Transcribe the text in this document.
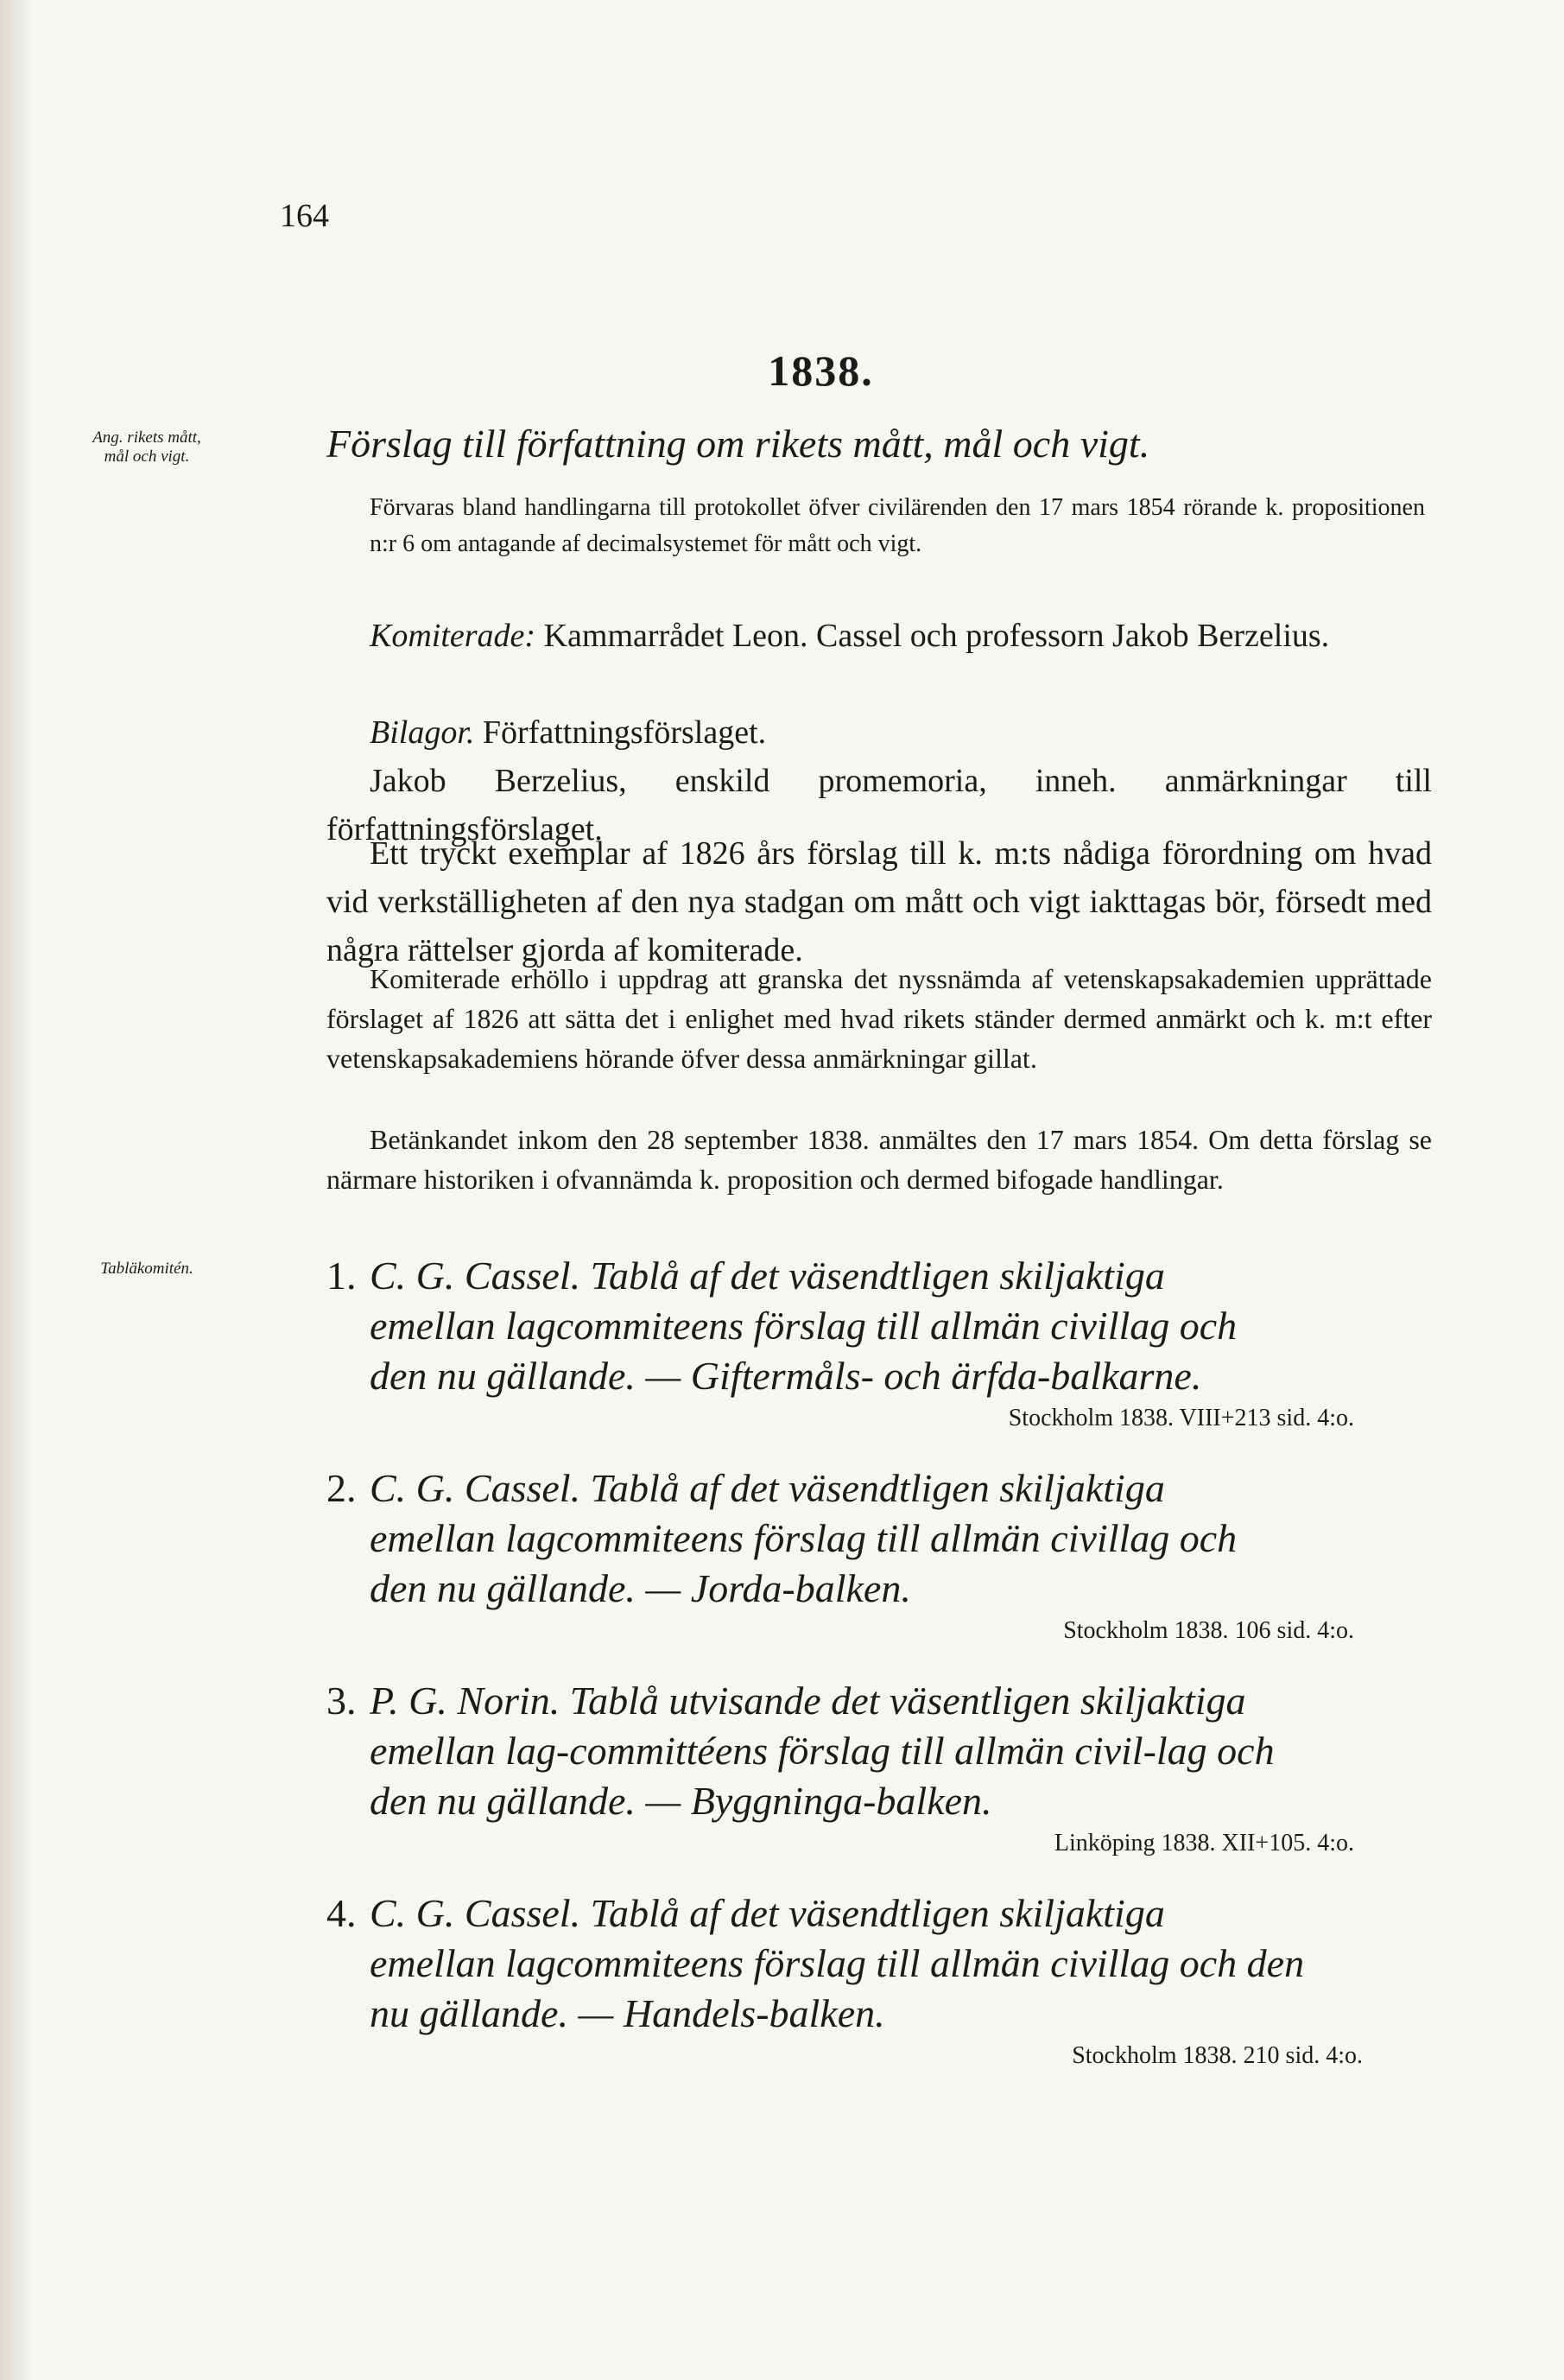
164

1838.

Ang. rikets mått, mål och vigt.	Förslag till författning om rikets mått, mål och vigt.

Förvaras bland handlingarna till protokollet öfver civilärenden den 17 mars 1854 rörande k. propositionen n:r 6 om antagande af decimalsystemet för mått och vigt.

Komiterade: Kammarrådet Leon. Cassel och professorn Jakob Berzelius.

Bilagor. Författningsförslaget.

Jakob Berzelius, enskild promemoria, inneh. anmärkningar till författningsförslaget.

Ett tryckt exemplar af 1826 års förslag till k. m:ts nådiga förordning om hvad vid verkställigheten af den nya stadgan om mått och vigt iakttagas bör, försedt med några rättelser gjorda af komiterade.

Komiterade erhöllo i uppdrag att granska det nyssnämda af vetenskapsakademien upprättade förslaget af 1826 att sätta det i enlighet med hvad rikets ständer dermed anmärkt och k. m:t efter vetenskapsakademiens hörande öfver dessa anmärkningar gillat.

Betänkandet inkom den 28 september 1838. anmältes den 17 mars 1854. Om detta förslag se närmare historiken i ofvannämda k. proposition och dermed bifogade handlingar.

Tabläkomitén.	1. C. G. Cassel. Tablå af det väsendtligen skiljaktiga
emellan lagcommiteens förslag till allmän civillag och
den nu gällande. — Giftermåls- och ärfda-balkarne.
Stockholm 1838. VIII+213 sid. 4:o.
2. C. G. Cassel. Tablå af det väsendtligen skiljaktiga
emellan lagcommiteens förslag till allmän civillag och
den nu gällande. — Jorda-balken.
Stockholm 1838. 106 sid. 4:o.
3. P. G. Norin. Tablå utvisande det väsentligen skiljaktiga
emellan lag-committéens förslag till allmän civil-lag och
den nu gällande. — Byggninga-balken.
Linköping 1838. XII+105. 4:o.
4. C. G. Cassel. Tablå af det väsendtligen skiljaktiga
emellan lagcommiteens förslag till allmän civillag och den
nu gällande. — Handels-balken.
Stockholm 1838. 210 sid. 4:o.
